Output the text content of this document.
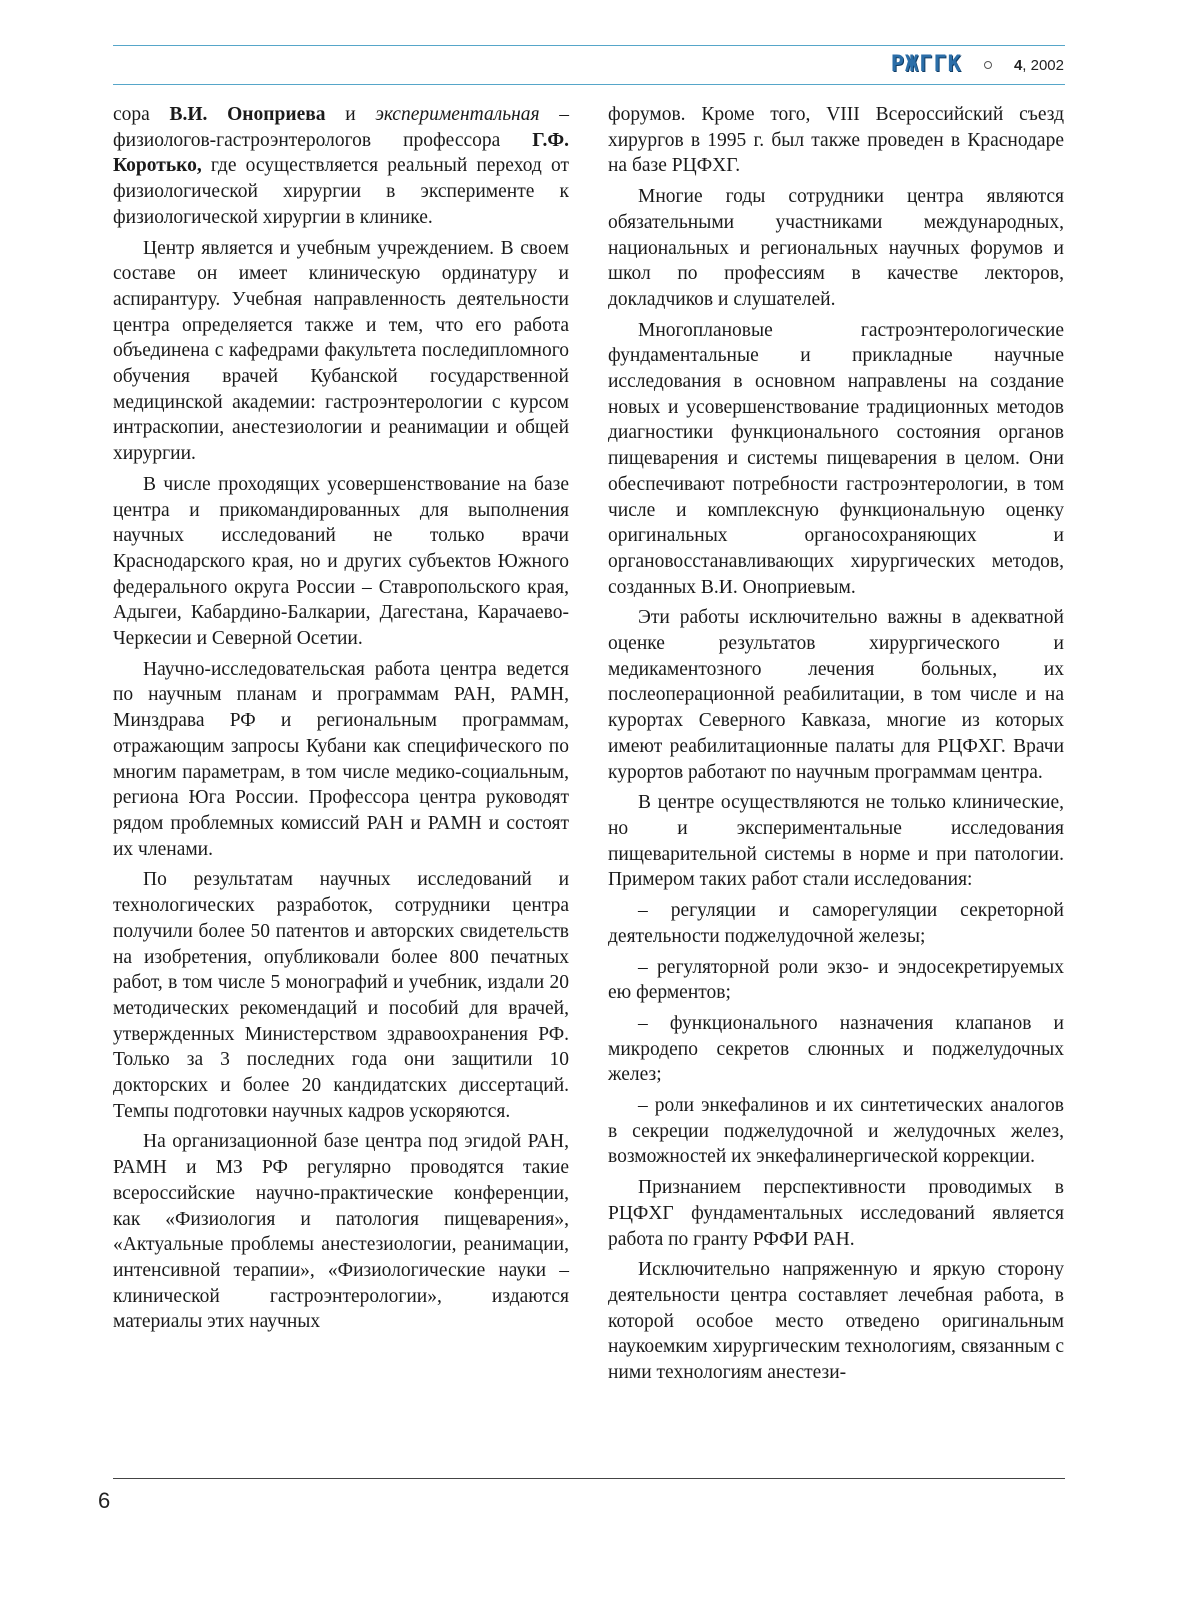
РЖГГК	4, 2002

сора В.И. Оноприева и экспериментальная – физиологов-гастроэнтерологов профессора Г.Ф. Коротько, где осуществляется реальный переход от физиологической хирургии в эксперименте к физиологической хирургии в клинике.

Центр является и учебным учреждением. В своем составе он имеет клиническую ординатуру и аспирантуру. Учебная направленность деятельности центра определяется также и тем, что его работа объединена с кафедрами факультета последипломного обучения врачей Кубанской государственной медицинской академии: гастроэнтерологии с курсом интраскопии, анестезиологии и реанимации и общей хирургии.

В числе проходящих усовершенствование на базе центра и прикомандированных для выполнения научных исследований не только врачи Краснодарского края, но и других субъектов Южного федерального округа России – Ставропольского края, Адыгеи, Кабардино-Балкарии, Дагестана, Карачаево-Черкесии и Северной Осетии.

Научно-исследовательская работа центра ведется по научным планам и программам РАН, РАМН, Минздрава РФ и региональным программам, отражающим запросы Кубани как специфического по многим параметрам, в том числе медико-социальным, региона Юга России. Профессора центра руководят рядом проблемных комиссий РАН и РАМН и состоят их членами.

По результатам научных исследований и технологических разработок, сотрудники центра получили более 50 патентов и авторских свидетельств на изобретения, опубликовали более 800 печатных работ, в том числе 5 монографий и учебник, издали 20 методических рекомендаций и пособий для врачей, утвержденных Министерством здравоохранения РФ. Только за 3 последних года они защитили 10 докторских и более 20 кандидатских диссертаций. Темпы подготовки научных кадров ускоряются.

На организационной базе центра под эгидой РАН, РАМН и МЗ РФ регулярно проводятся такие всероссийские научно-практические конференции, как «Физиология и патология пищеварения», «Актуальные проблемы анестезиологии, реанимации, интенсивной терапии», «Физиологические науки – клинической гастроэнтерологии», издаются материалы этих научных

форумов. Кроме того, VIII Всероссийский съезд хирургов в 1995 г. был также проведен в Краснодаре на базе РЦФХГ.

Многие годы сотрудники центра являются обязательными участниками международных, национальных и региональных научных форумов и школ по профессиям в качестве лекторов, докладчиков и слушателей.

Многоплановые гастроэнтерологические фундаментальные и прикладные научные исследования в основном направлены на создание новых и усовершенствование традиционных методов диагностики функционального состояния органов пищеварения и системы пищеварения в целом. Они обеспечивают потребности гастроэнтерологии, в том числе и комплексную функциональную оценку оригинальных органосохраняющих и органовосстанавливающих хирургических методов, созданных В.И. Оноприевым.

Эти работы исключительно важны в адекватной оценке результатов хирургического и медикаментозного лечения больных, их послеоперационной реабилитации, в том числе и на курортах Северного Кавказа, многие из которых имеют реабилитационные палаты для РЦФХГ. Врачи курортов работают по научным программам центра.

В центре осуществляются не только клинические, но и экспериментальные исследования пищеварительной системы в норме и при патологии. Примером таких работ стали исследования:

– регуляции и саморегуляции секреторной деятельности поджелудочной железы;

– регуляторной роли экзо- и эндосекретируемых ею ферментов;

– функционального назначения клапанов и микродепо секретов слюнных и поджелудочных желез;

– роли энкефалинов и их синтетических аналогов в секреции поджелудочной и желудочных желез, возможностей их энкефалинергической коррекции.

Признанием перспективности проводимых в РЦФХГ фундаментальных исследований является работа по гранту РФФИ РАН.

Исключительно напряженную и яркую сторону деятельности центра составляет лечебная работа, в которой особое место отведено оригинальным наукоемким хирургическим технологиям, связанным с ними технологиям анестези-

6
